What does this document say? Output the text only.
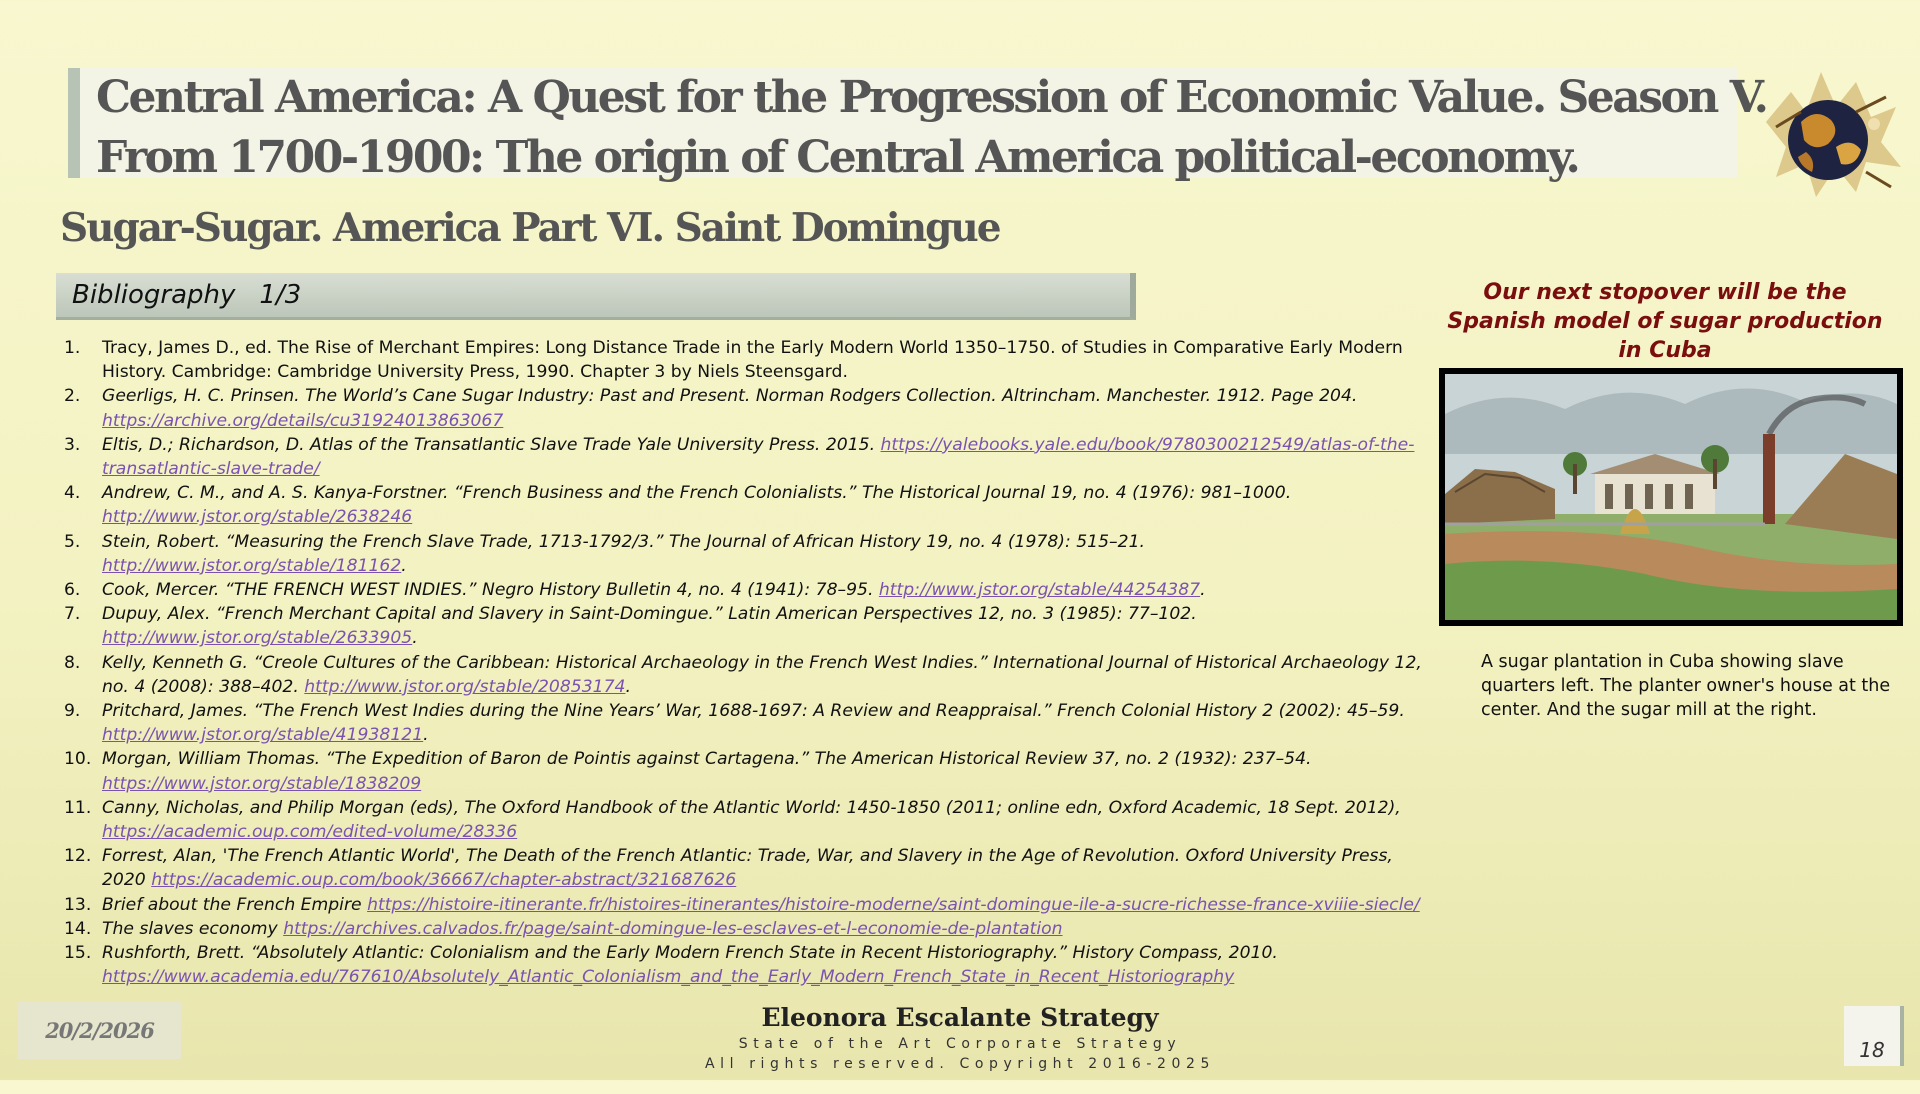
Central America: A Quest for the Progression of Economic Value. Season V.
From 1700-1900: The origin of Central America political-economy.
Sugar-Sugar. America Part VI. Saint Domingue
Bibliography 1/3
1. Tracy, James D., ed. The Rise of Merchant Empires: Long Distance Trade in the Early Modern World 1350–1750. of Studies in Comparative Early Modern History. Cambridge: Cambridge University Press, 1990. Chapter 3 by Niels Steensgard.
2. Geerligs, H. C. Prinsen. The World’s Cane Sugar Industry: Past and Present. Norman Rodgers Collection. Altrincham. Manchester. 1912. Page 204. https://archive.org/details/cu31924013863067
3. Eltis, D.; Richardson, D. Atlas of the Transatlantic Slave Trade Yale University Press. 2015. https://yalebooks.yale.edu/book/9780300212549/atlas-of-the-transatlantic-slave-trade/
4. Andrew, C. M., and A. S. Kanya-Forstner. “French Business and the French Colonialists.” The Historical Journal 19, no. 4 (1976): 981–1000. http://www.jstor.org/stable/2638246
5. Stein, Robert. “Measuring the French Slave Trade, 1713-1792/3.” The Journal of African History 19, no. 4 (1978): 515–21. http://www.jstor.org/stable/181162.
6. Cook, Mercer. “THE FRENCH WEST INDIES.” Negro History Bulletin 4, no. 4 (1941): 78–95. http://www.jstor.org/stable/44254387.
7. Dupuy, Alex. “French Merchant Capital and Slavery in Saint-Domingue.” Latin American Perspectives 12, no. 3 (1985): 77–102. http://www.jstor.org/stable/2633905.
8. Kelly, Kenneth G. “Creole Cultures of the Caribbean: Historical Archaeology in the French West Indies.” International Journal of Historical Archaeology 12, no. 4 (2008): 388–402. http://www.jstor.org/stable/20853174.
9. Pritchard, James. “The French West Indies during the Nine Years’ War, 1688-1697: A Review and Reappraisal.” French Colonial History 2 (2002): 45–59. http://www.jstor.org/stable/41938121.
10. Morgan, William Thomas. “The Expedition of Baron de Pointis against Cartagena.” The American Historical Review 37, no. 2 (1932): 237–54. https://www.jstor.org/stable/1838209
11. Canny, Nicholas, and Philip Morgan (eds), The Oxford Handbook of the Atlantic World: 1450-1850 (2011; online edn, Oxford Academic, 18 Sept. 2012), https://academic.oup.com/edited-volume/28336
12. Forrest, Alan, 'The French Atlantic World', The Death of the French Atlantic: Trade, War, and Slavery in the Age of Revolution. Oxford University Press, 2020 https://academic.oup.com/book/36667/chapter-abstract/321687626
13. Brief about the French Empire https://histoire-itinerante.fr/histoires-itinerantes/histoire-moderne/saint-domingue-ile-a-sucre-richesse-france-xviiie-siecle/
14. The slaves economy https://archives.calvados.fr/page/saint-domingue-les-esclaves-et-l-economie-de-plantation
15. Rushforth, Brett. “Absolutely Atlantic: Colonialism and the Early Modern French State in Recent Historiography.” History Compass, 2010. https://www.academia.edu/767610/Absolutely_Atlantic_Colonialism_and_the_Early_Modern_French_State_in_Recent_Historiography
Our next stopover will be the Spanish model of sugar production in Cuba
A sugar plantation in Cuba showing slave quarters left. The planter owner's house at the center. And the sugar mill at the right.
20/2/2026	Eleonora Escalante Strategy
State of the Art Corporate Strategy
All rights reserved. Copyright 2016-2025
18
